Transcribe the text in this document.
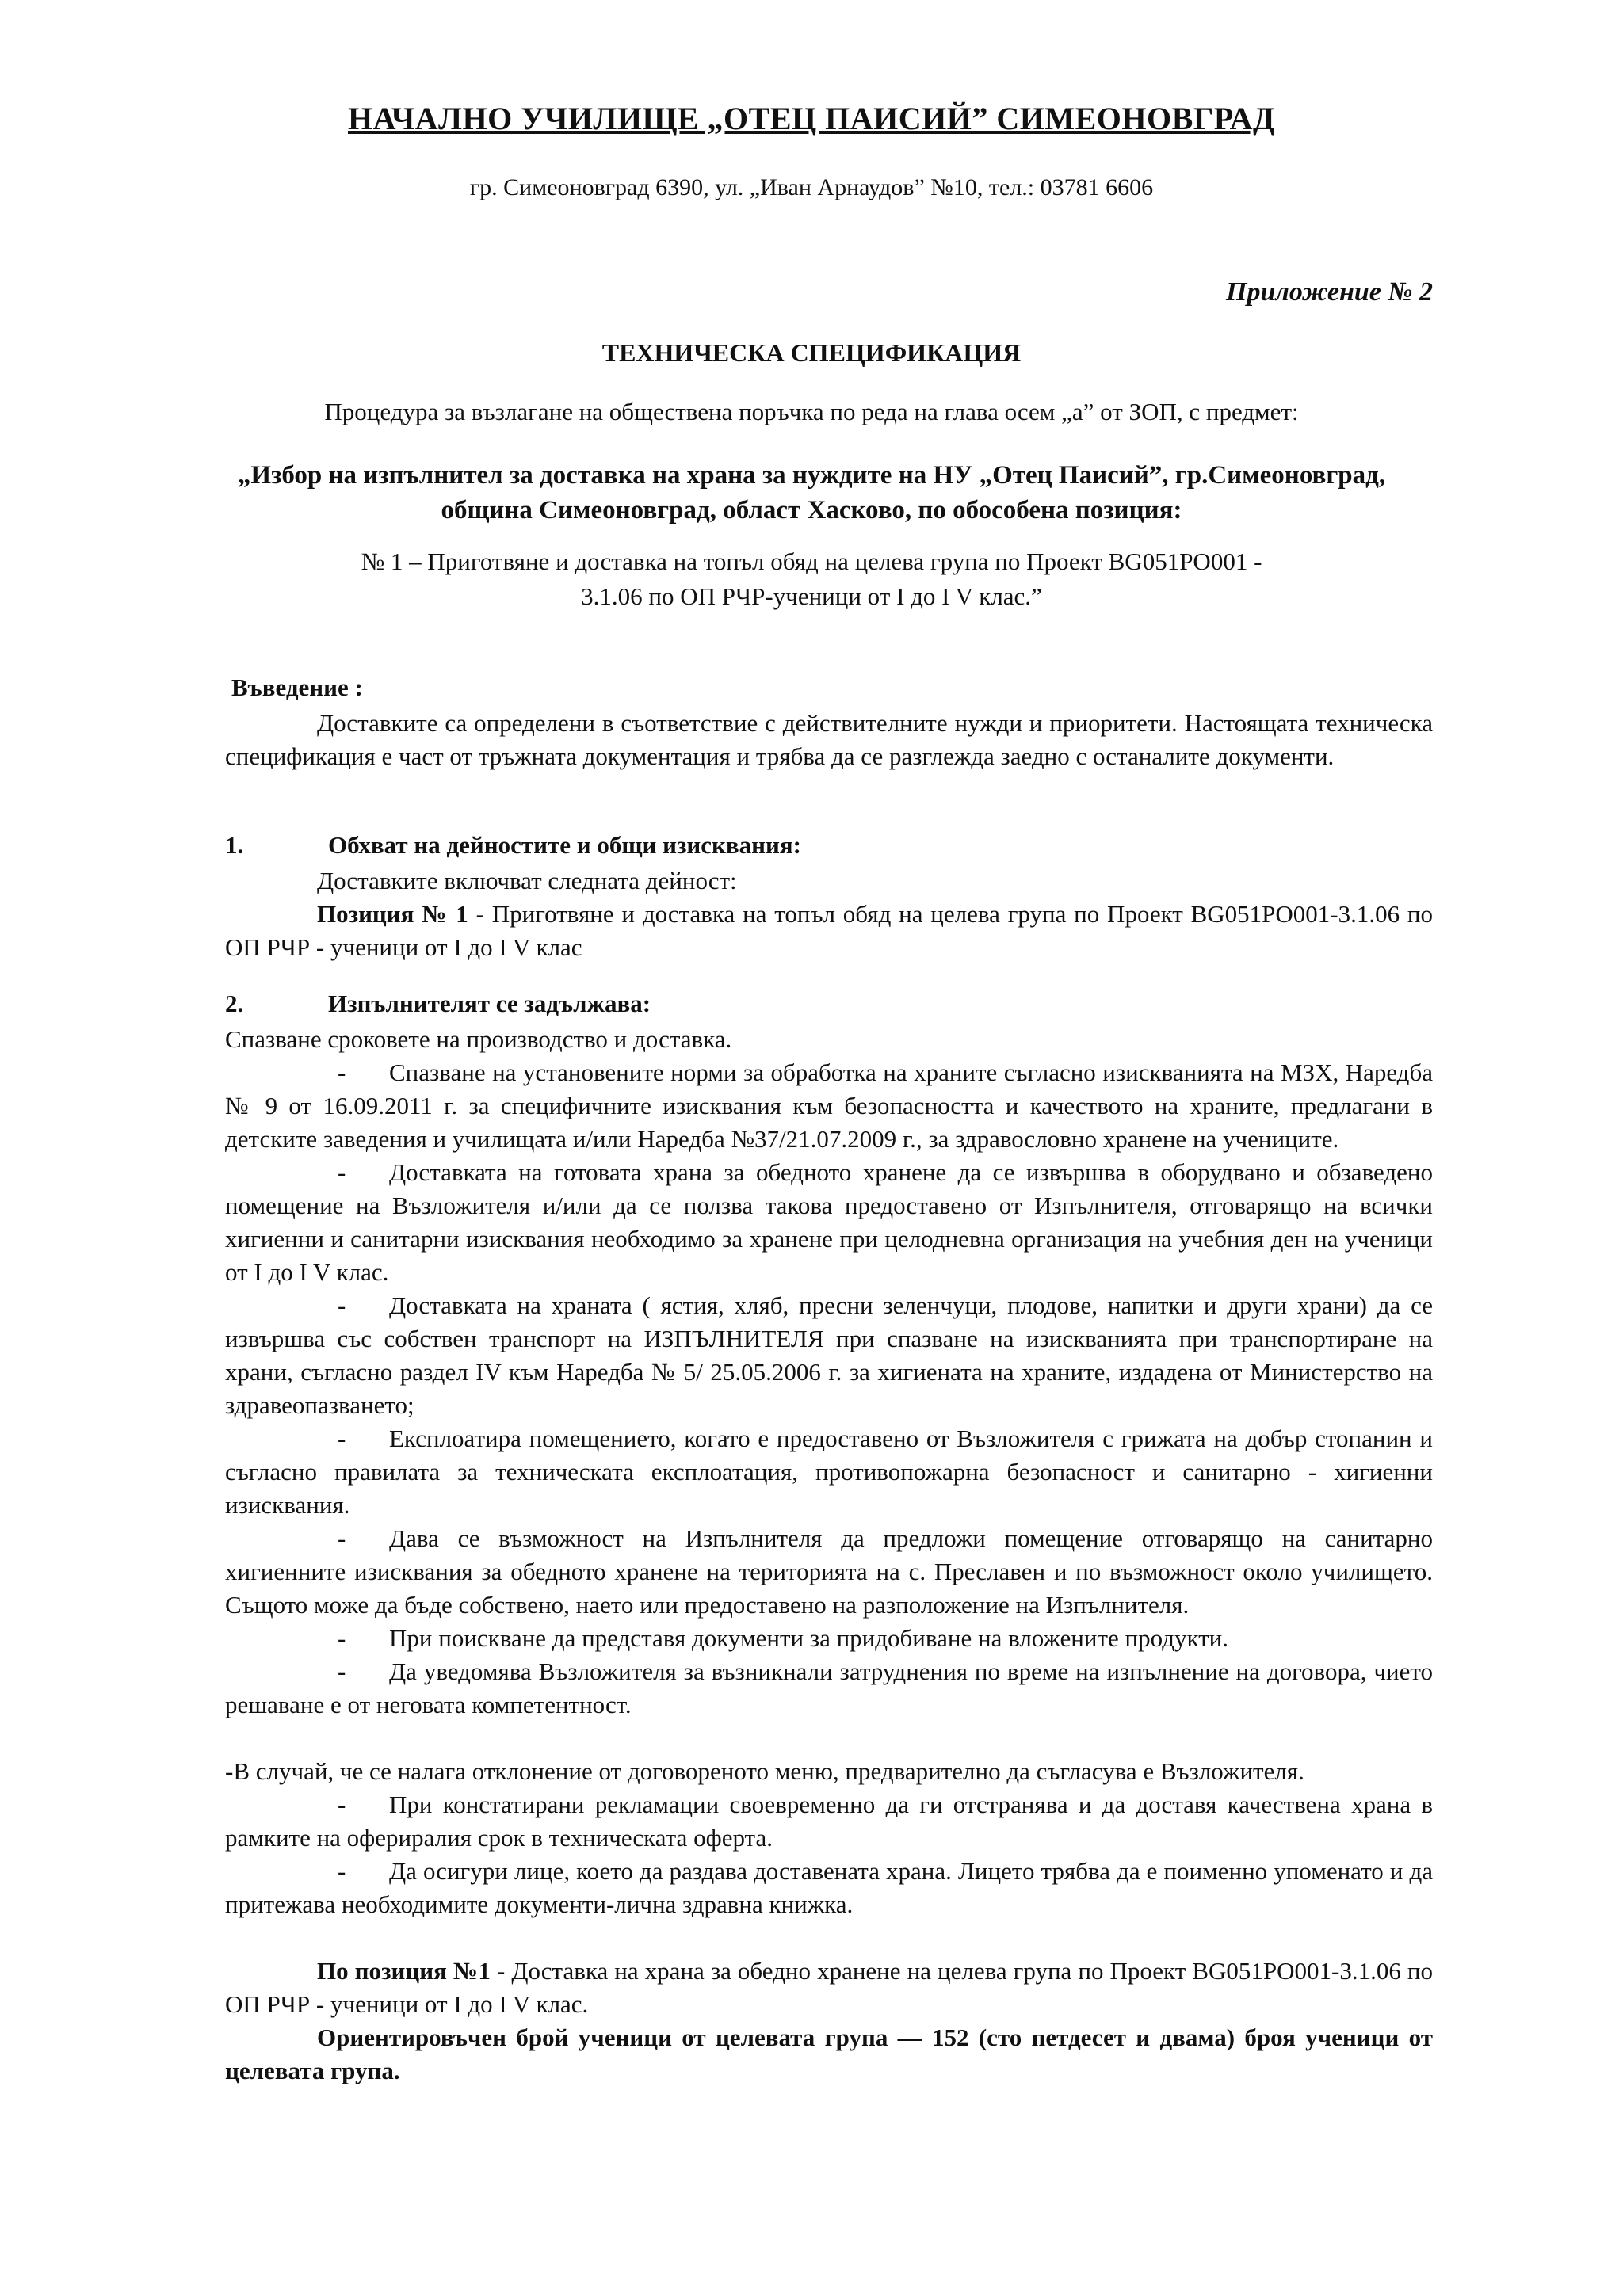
НАЧАЛНО УЧИЛИЩЕ „ОТЕЦ ПАИСИЙ” СИМЕОНОВГРАД
гр. Симеоновград 6390, ул. „Иван Арнаудов” №10, тел.: 03781 6606
Приложение № 2
ТЕХНИЧЕСКА СПЕЦИФИКАЦИЯ
Процедура за възлагане на обществена поръчка по реда на глава осем „а” от ЗОП, с предмет:
„Избор на изпълнител за доставка на храна за нуждите на НУ „Отец Паисий”, гр.Симеоновград,
община Симеоновград, област Хасково, по обособена позиция:
№ 1 – Приготвяне и доставка на топъл обяд на целева група по Проект BG051PO001 -
3.1.06 по ОП РЧР-ученици от I до I V клас.”
Въведение :

Доставките са определени в съответствие с действителните нужди и приоритети. Настоящата техническа спецификация е част от тръжната документация и трябва да се разглежда заедно с останалите документи.

1.	Обхват на дейностите и общи изисквания:

Доставките включват следната дейност:

Позиция № 1 - Приготвяне и доставка на топъл обяд на целева група по Проект BG051PO001-3.1.06 по ОП РЧР - ученици от I до I V клас

2.	Изпълнителят се задължава:

Спазване сроковете на производство и доставка.

- Спазване на установените норми за обработка на храните съгласно изискванията на МЗХ, Наредба № 9 от 16.09.2011 г. за специфичните изисквания към безопасността и качеството на храните, предлагани в детските заведения и училищата и/или Наредба №37/21.07.2009 г., за здравословно хранене на учениците.

- Доставката на готовата храна за обедното хранене да се извършва в оборудвано и обзаведено помещение на Възложителя и/или да се ползва такова предоставено от Изпълнителя, отговарящо на всички хигиенни и санитарни изисквания необходимо за хранене при целодневна организация на учебния ден на ученици от I до I V клас.

- Доставката на храната ( ястия, хляб, пресни зеленчуци, плодове, напитки и други храни) да се извършва със собствен транспорт на ИЗПЪЛНИТЕЛЯ при спазване на изискванията при транспортиране на храни, съгласно раздел IV към Наредба № 5/ 25.05.2006 г. за хигиената на храните, издадена от Министерство на здравеопазването;

- Експлоатира помещението, когато е предоставено от Възложителя с грижата на добър стопанин и съгласно правилата за техническата експлоатация, противопожарна безопасност и санитарно - хигиенни изисквания.

- Дава се възможност на Изпълнителя да предложи помещение отговарящо на санитарно хигиенните изисквания за обедното хранене на територията на с. Преславен и по възможност около училището. Същото може да бъде собствено, наето или предоставено на разположение на Изпълнителя.

- При поискване да представя документи за придобиване на вложените продукти.

- Да уведомява Възложителя за възникнали затруднения по време на изпълнение на договора, чието решаване е от неговата компетентност.

-В случай, че се налага отклонение от договореното меню, предварително да съгласува е Възложителя.

- При констатирани рекламации своевременно да ги отстранява и да доставя качествена храна в рамките на офериралия срок в техническата оферта.

- Да осигури лице, което да раздава доставената храна. Лицето трябва да е поименно упоменато и да притежава необходимите документи-лична здравна книжка.

По позиция №1 - Доставка на храна за обедно хранене на целева група по Проект BG051PO001-3.1.06 по ОП РЧР - ученици от I до I V клас.

Ориентировъчен брой ученици от целевата група — 152 (сто петдесет и двама) броя ученици от целевата група.
